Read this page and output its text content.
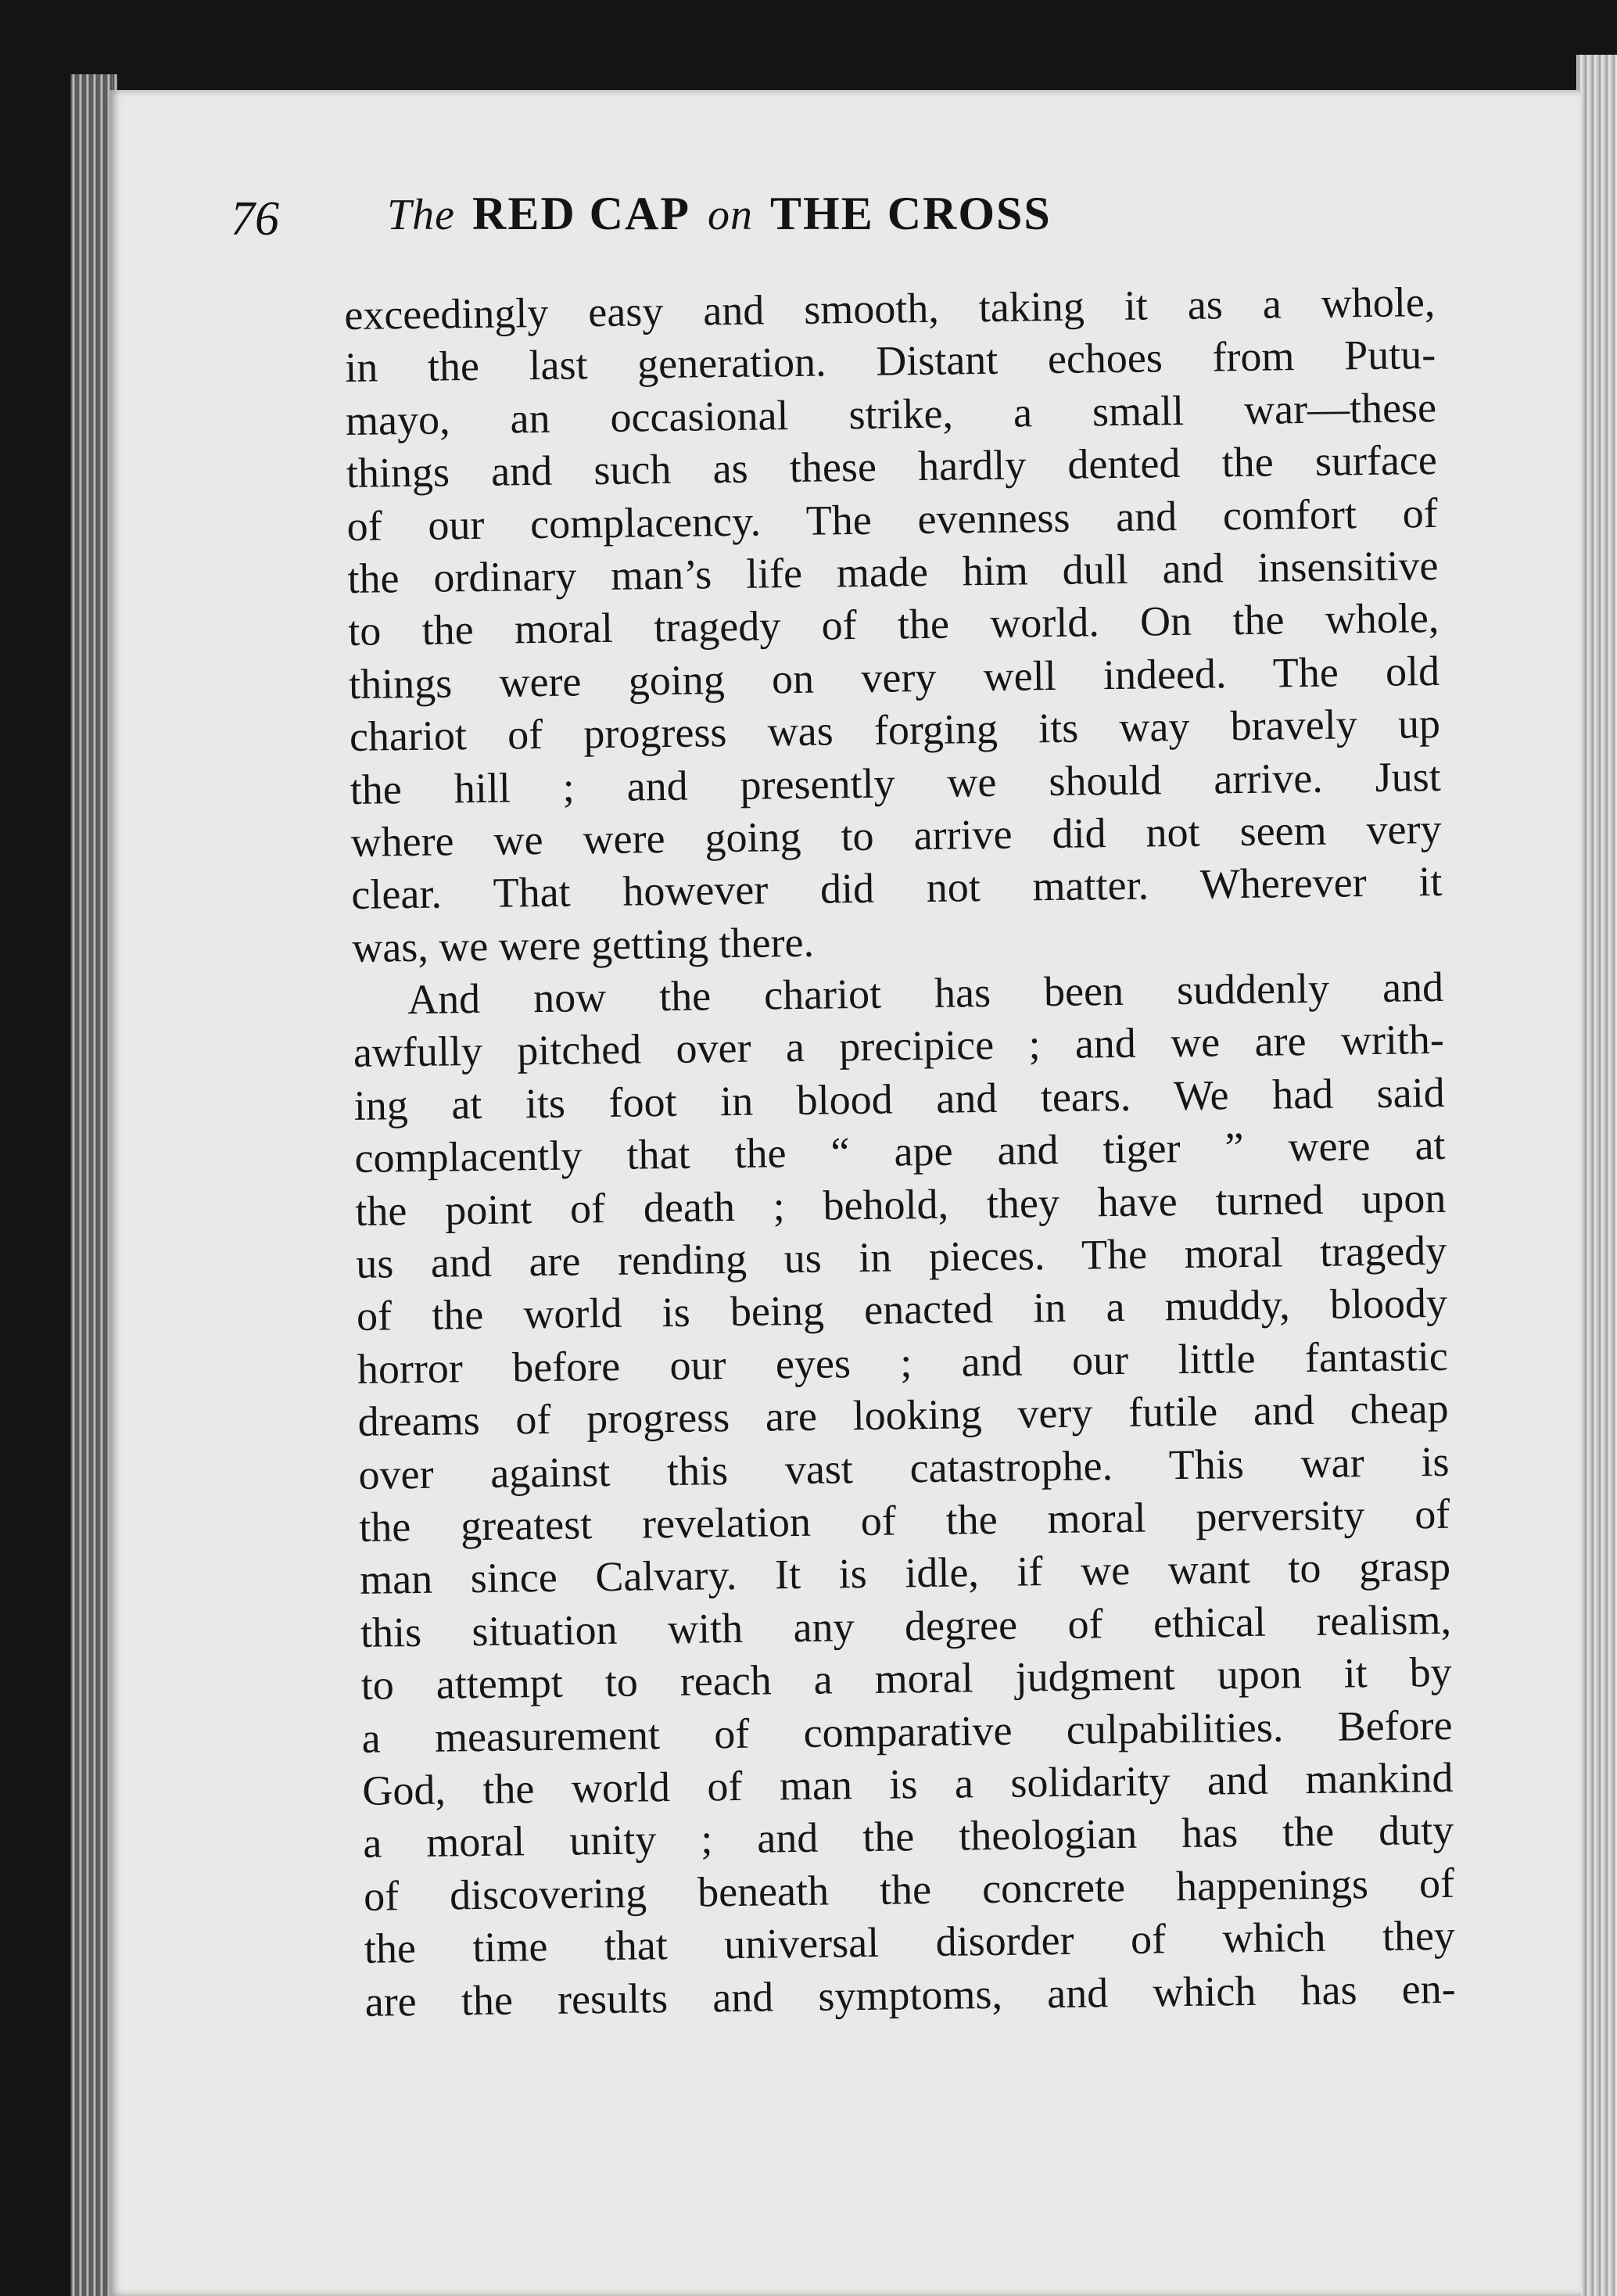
76 The RED CAP on THE CROSS
exceedingly easy and smooth, taking it as a whole,
in the last generation. Distant echoes from Putu-
mayo, an occasional strike, a small war—these
things and such as these hardly dented the surface
of our complacency. The evenness and comfort of
the ordinary man’s life made him dull and insensitive
to the moral tragedy of the world. On the whole,
things were going on very well indeed. The old
chariot of progress was forging its way bravely up
the hill ; and presently we should arrive. Just
where we were going to arrive did not seem very
clear. That however did not matter. Wherever it
was, we were getting there.
And now the chariot has been suddenly and
awfully pitched over a precipice ; and we are writh-
ing at its foot in blood and tears. We had said
complacently that the “ ape and tiger ” were at
the point of death ; behold, they have turned upon
us and are rending us in pieces. The moral tragedy
of the world is being enacted in a muddy, bloody
horror before our eyes ; and our little fantastic
dreams of progress are looking very futile and cheap
over against this vast catastrophe. This war is
the greatest revelation of the moral perversity of
man since Calvary. It is idle, if we want to grasp
this situation with any degree of ethical realism,
to attempt to reach a moral judgment upon it by
a measurement of comparative culpabilities. Before
God, the world of man is a solidarity and mankind
a moral unity ; and the theologian has the duty
of discovering beneath the concrete happenings of
the time that universal disorder of which they
are the results and symptoms, and which has en-
